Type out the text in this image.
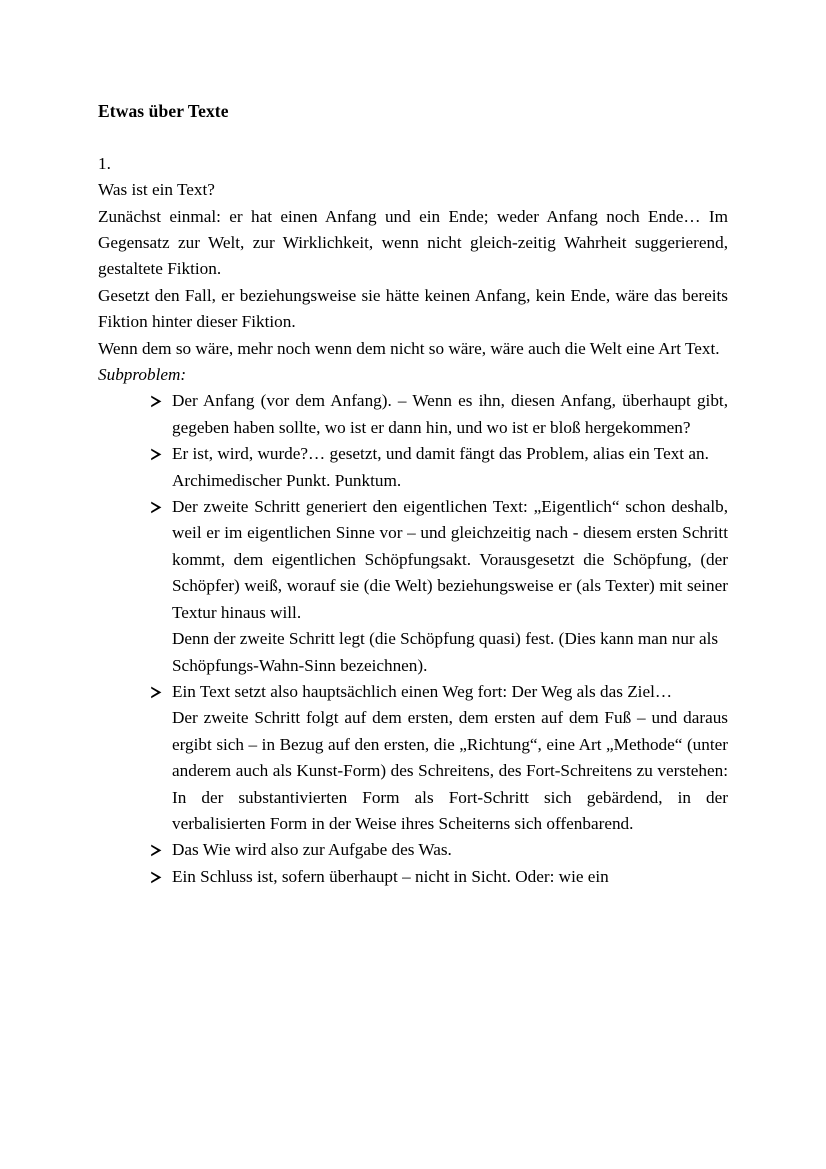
Etwas über Texte

1.

Was ist ein Text?

Zunächst einmal: er hat einen Anfang und ein Ende; weder Anfang noch Ende… Im Gegensatz zur Welt, zur Wirklichkeit, wenn nicht gleich-zeitig Wahrheit suggerierend, gestaltete Fiktion.

Gesetzt den Fall, er beziehungsweise sie hätte keinen Anfang, kein Ende, wäre das bereits Fiktion hinter dieser Fiktion.

Wenn dem so wäre, mehr noch wenn dem nicht so wäre, wäre auch die Welt eine Art Text.

Subproblem:

Der Anfang (vor dem Anfang). – Wenn es ihn, diesen Anfang, überhaupt gibt, gegeben haben sollte, wo ist er dann hin, und wo ist er bloß hergekommen?
Er ist, wird, wurde?… gesetzt, und damit fängt das Problem, alias ein Text an.
Archimedischer Punkt. Punktum.
Der zweite Schritt generiert den eigentlichen Text: „Eigentlich“ schon deshalb, weil er im eigentlichen Sinne vor – und gleichzeitig nach - diesem ersten Schritt kommt, dem eigentlichen Schöpfungsakt. Vorausgesetzt die Schöpfung, (der Schöpfer) weiß, worauf sie (die Welt) beziehungsweise er (als Texter) mit seiner Textur hinaus will.
Denn der zweite Schritt legt (die Schöpfung quasi) fest. (Dies kann man nur als Schöpfungs-Wahn-Sinn bezeichnen).
Ein Text setzt also hauptsächlich einen Weg fort: Der Weg als das Ziel…
Der zweite Schritt folgt auf dem ersten, dem ersten auf dem Fuß – und daraus ergibt sich – in Bezug auf den ersten, die „Richtung“, eine Art „Methode“ (unter anderem auch als Kunst-Form) des Schreitens, des Fort-Schreitens zu verstehen: In der substantivierten Form als Fort-Schritt sich gebärdend, in der verbalisierten Form in der Weise ihres Scheiterns sich offenbarend.
Das Wie wird also zur Aufgabe des Was.
Ein Schluss ist, sofern überhaupt – nicht in Sicht. Oder: wie ein
